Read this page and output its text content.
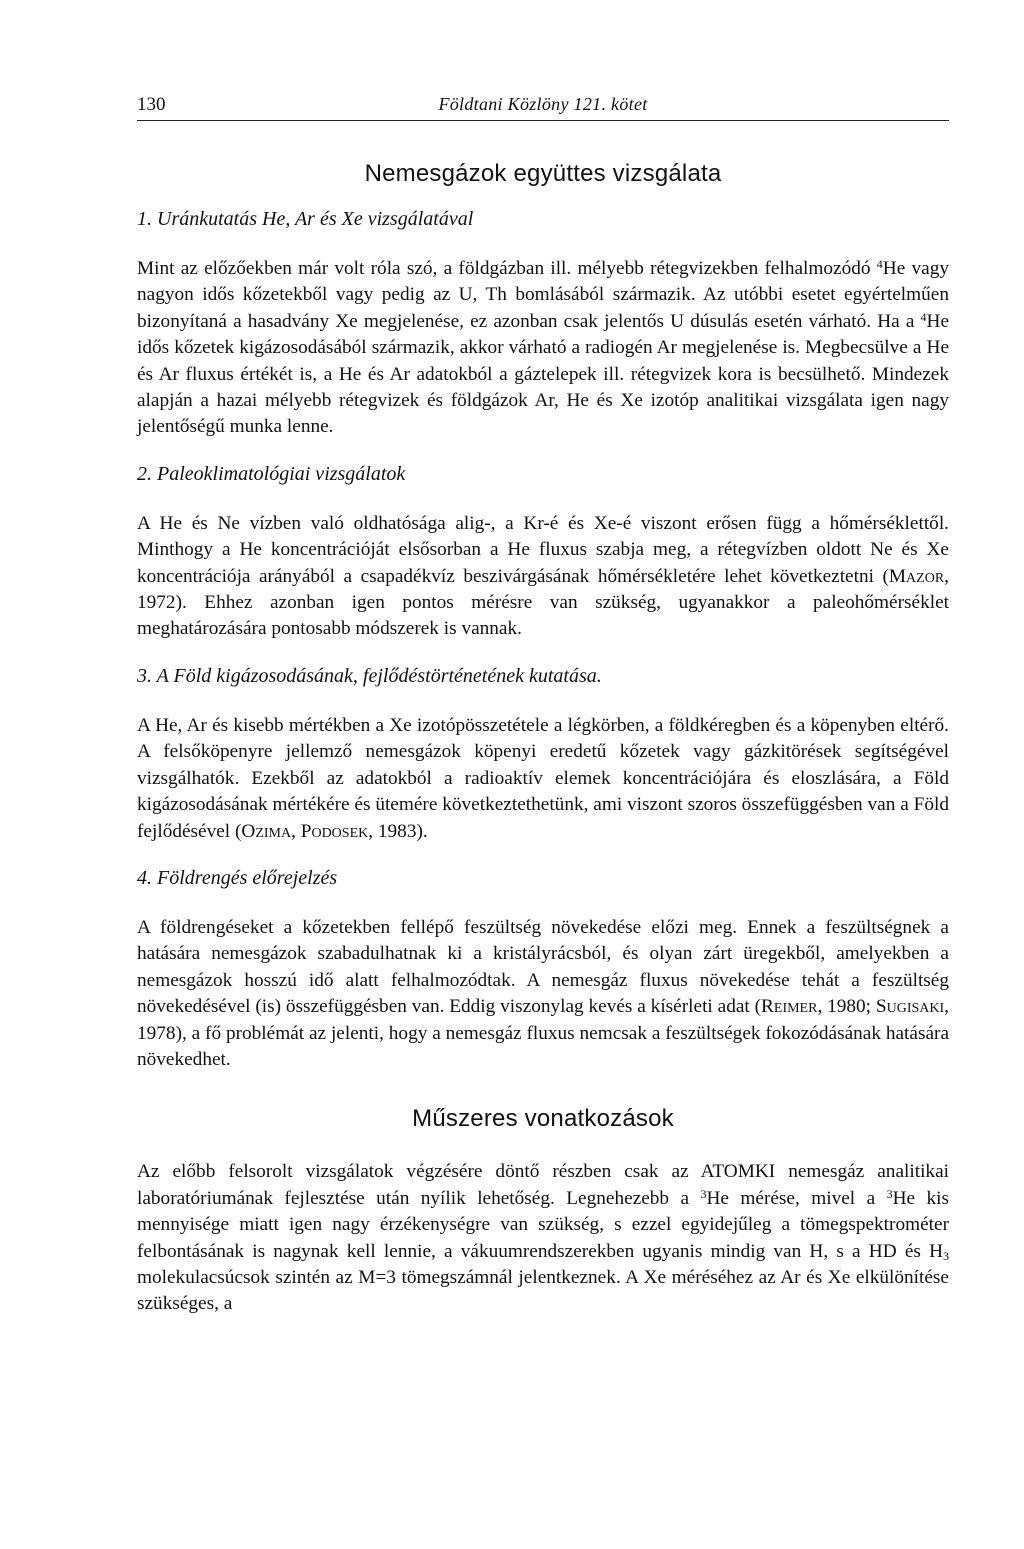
130	Földtani Közlöny 121. kötet
Nemesgázok együttes vizsgálata

1. Uránkutatás He, Ar és Xe vizsgálatával

Mint az előzőekben már volt róla szó, a földgázban ill. mélyebb rétegvizekben felhalmozódó $^4$He vagy nagyon idős kőzetekből vagy pedig az U, Th bomlásából származik. Az utóbbi esetet egyértelműen bizonyítaná a hasadvány Xe megjelenése, ez azonban csak jelentős U dúsulás esetén várható. Ha a $^4$He idős kőzetek kigázosodásából származik, akkor várható a radiogén Ar megjelenése is. Megbecsülve a He és Ar fluxus értékét is, a He és Ar adatokból a gáztelepek ill. rétegvizek kora is becsülhető. Mindezek alapján a hazai mélyebb rétegvizek és földgázok Ar, He és Xe izotóp analitikai vizsgálata igen nagy jelentőségű munka lenne.

2. Paleoklimatológiai vizsgálatok

A He és Ne vízben való oldhatósága alig-, a Kr-é és Xe-é viszont erősen függ a hőmérséklettől. Minthogy a He koncentrációját elsősorban a He fluxus szabja meg, a rétegvízben oldott Ne és Xe koncentrációja arányából a csapadékvíz beszivárgásának hőmérsékletére lehet következtetni (Mazor, 1972). Ehhez azonban igen pontos mérésre van szükség, ugyanakkor a paleohőmérséklet meghatározására pontosabb módszerek is vannak.

3. A Föld kigázosodásának, fejlődéstörténetének kutatása.

A He, Ar és kisebb mértékben a Xe izotópösszetétele a légkörben, a földkéregben és a köpenyben eltérő. A felsőköpenyre jellemző nemesgázok köpenyi eredetű kőzetek vagy gázkitörések segítségével vizsgálhatók. Ezekből az adatokból a radioaktív elemek koncentrációjára és eloszlására, a Föld kigázosodásának mértékére és ütemére következtethetünk, ami viszont szoros összefüggésben van a Föld fejlődésével (Ozima, Podosek, 1983).

4. Földrengés előrejelzés

A földrengéseket a kőzetekben fellépő feszültség növekedése előzi meg. Ennek a feszültségnek a hatására nemesgázok szabadulhatnak ki a kristályrácsból, és olyan zárt üregekből, amelyekben a nemesgázok hosszú idő alatt felhalmozódtak. A nemesgáz fluxus növekedése tehát a feszültség növekedésével (is) összefüggésben van. Eddig viszonylag kevés a kísérleti adat (Reimer, 1980; Sugisaki, 1978), a fő problémát az jelenti, hogy a nemesgáz fluxus nemcsak a feszültségek fokozódásának hatására növekedhet.

Műszeres vonatkozások

Az előbb felsorolt vizsgálatok végzésére döntő részben csak az ATOMKI nemesgáz analitikai laboratóriumának fejlesztése után nyílik lehetőség. Legnehezebb a $^3$He mérése, mivel a $^3$He kis mennyisége miatt igen nagy érzékenységre van szükség, s ezzel egyidejűleg a tömegspektrométer felbontásának is nagynak kell lennie, a vákuumrendszerekben ugyanis mindig van H, s a HD és $H_3$ molekulacsúcsok szintén az M=3 tömegszámnál jelentkeznek. A Xe méréséhez az Ar és Xe elkülönítése szükséges, a
